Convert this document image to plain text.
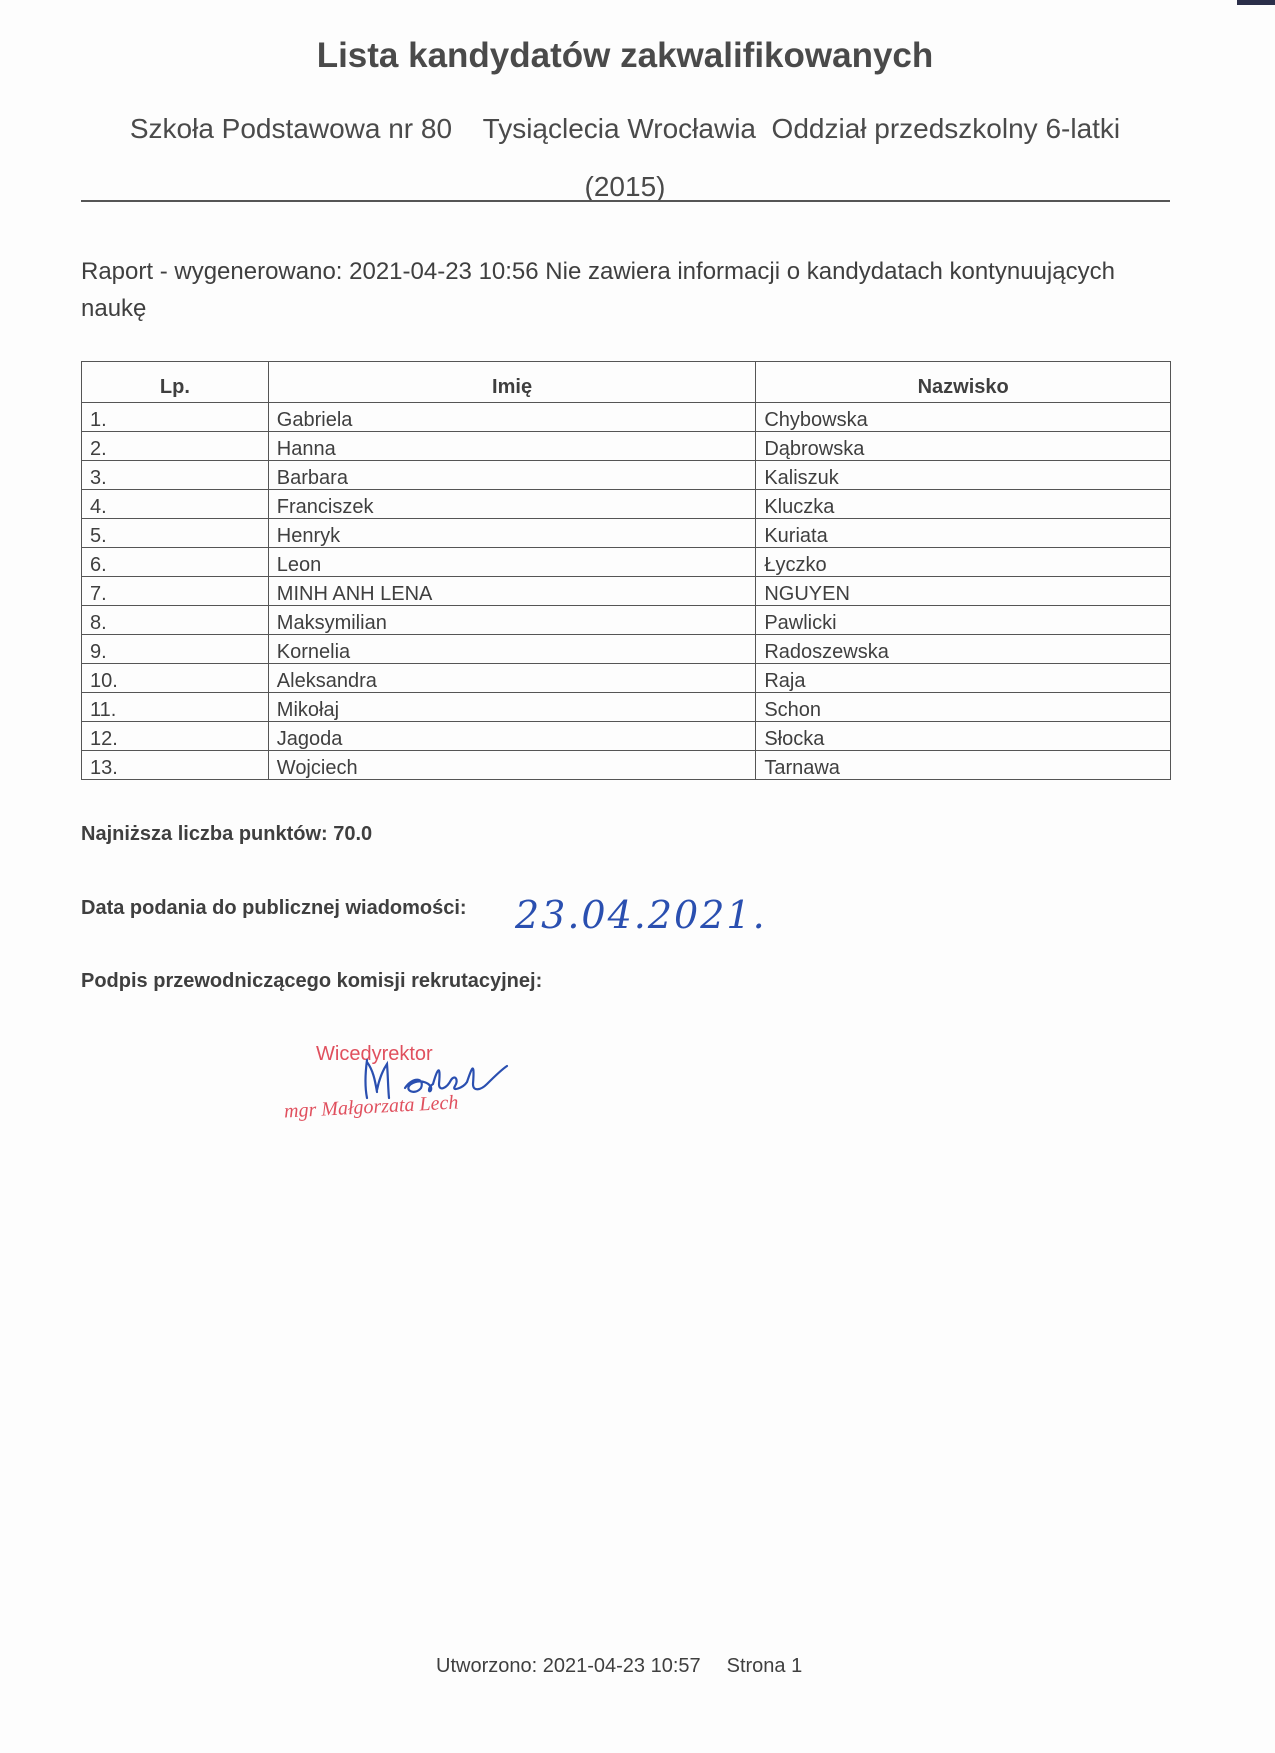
Lista kandydatów zakwalifikowanych
Szkoła Podstawowa nr 80    Tysiąclecia Wrocławia  Oddział przedszkolny 6-latki
(2015)
Raport - wygenerowano: 2021-04-23 10:56 Nie zawiera informacji o kandydatach kontynuujących naukę
Lp.	Imię	Nazwisko
1.	Gabriela	Chybowska
2.	Hanna	Dąbrowska
3.	Barbara	Kaliszuk
4.	Franciszek	Kluczka
5.	Henryk	Kuriata
6.	Leon	Łyczko
7.	MINH ANH LENA	NGUYEN
8.	Maksymilian	Pawlicki
9.	Kornelia	Radoszewska
10.	Aleksandra	Raja
11.	Mikołaj	Schon
12.	Jagoda	Słocka
13.	Wojciech	Tarnawa
Najniższa liczba punktów: 70.0
Data podania do publicznej wiadomości: 23.04.2021.
Podpis przewodniczącego komisji rekrutacyjnej:
Wicedyrektor
mgr Małgorzata Lech
Utworzono: 2021-04-23 10:57 Strona 1
